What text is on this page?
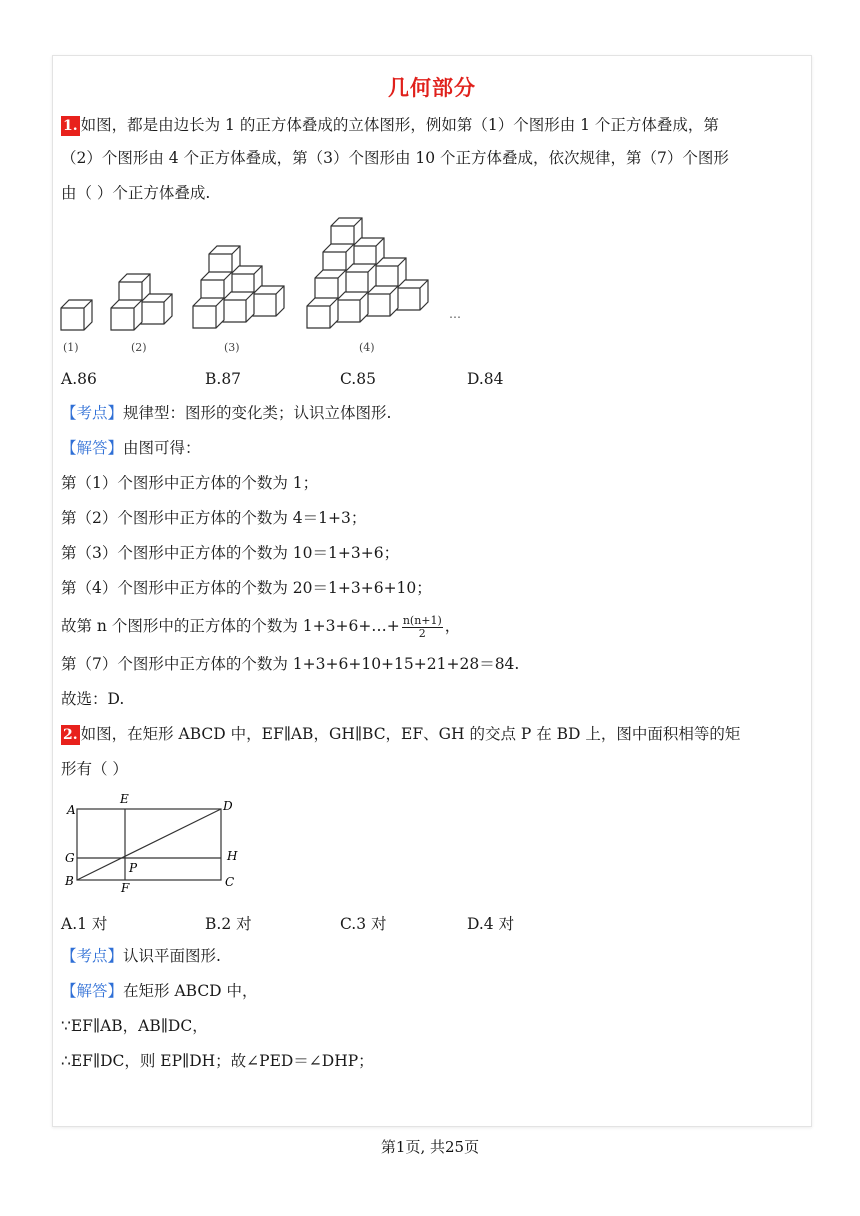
几何部分
1. 如图，都是由边长为 1 的正方体叠成的立体图形，例如第（1）个图形由 1 个正方体叠成，第
（2）个图形由 4 个正方体叠成，第（3）个图形由 10 个正方体叠成，依次规律，第（7）个图形
由（ ）个正方体叠成.
…
(1)	(2)	(3)	(4)
A.86	B.87	C.85	D.84
【考点】规律型：图形的变化类；认识立体图形.
【解答】由图可得：
第（1）个图形中正方体的个数为 1；
第（2）个图形中正方体的个数为 4＝1+3；
第（3）个图形中正方体的个数为 10＝1+3+6；
第（4）个图形中正方体的个数为 20＝1+3+6+10；
故第 n 个图形中的正方体的个数为 1+3+6+…+ $\frac{n(n+1)}{2}$ ，
第（7）个图形中正方体的个数为 1+3+6+10+15+21+28＝84.
故选：D.
2. 如图，在矩形 ABCD 中，EF∥AB，GH∥BC，EF、GH 的交点 P 在 BD 上，图中面积相等的矩
形有（ ）
A
E	D
G	H
P
B	F	C
A.1 对	B.2 对	C.3 对	D.4 对
【考点】认识平面图形.
【解答】在矩形 ABCD 中，
∵EF∥AB，AB∥DC，
∴EF∥DC，则 EP∥DH；故∠PED＝∠DHP；
第1页, 共25页
